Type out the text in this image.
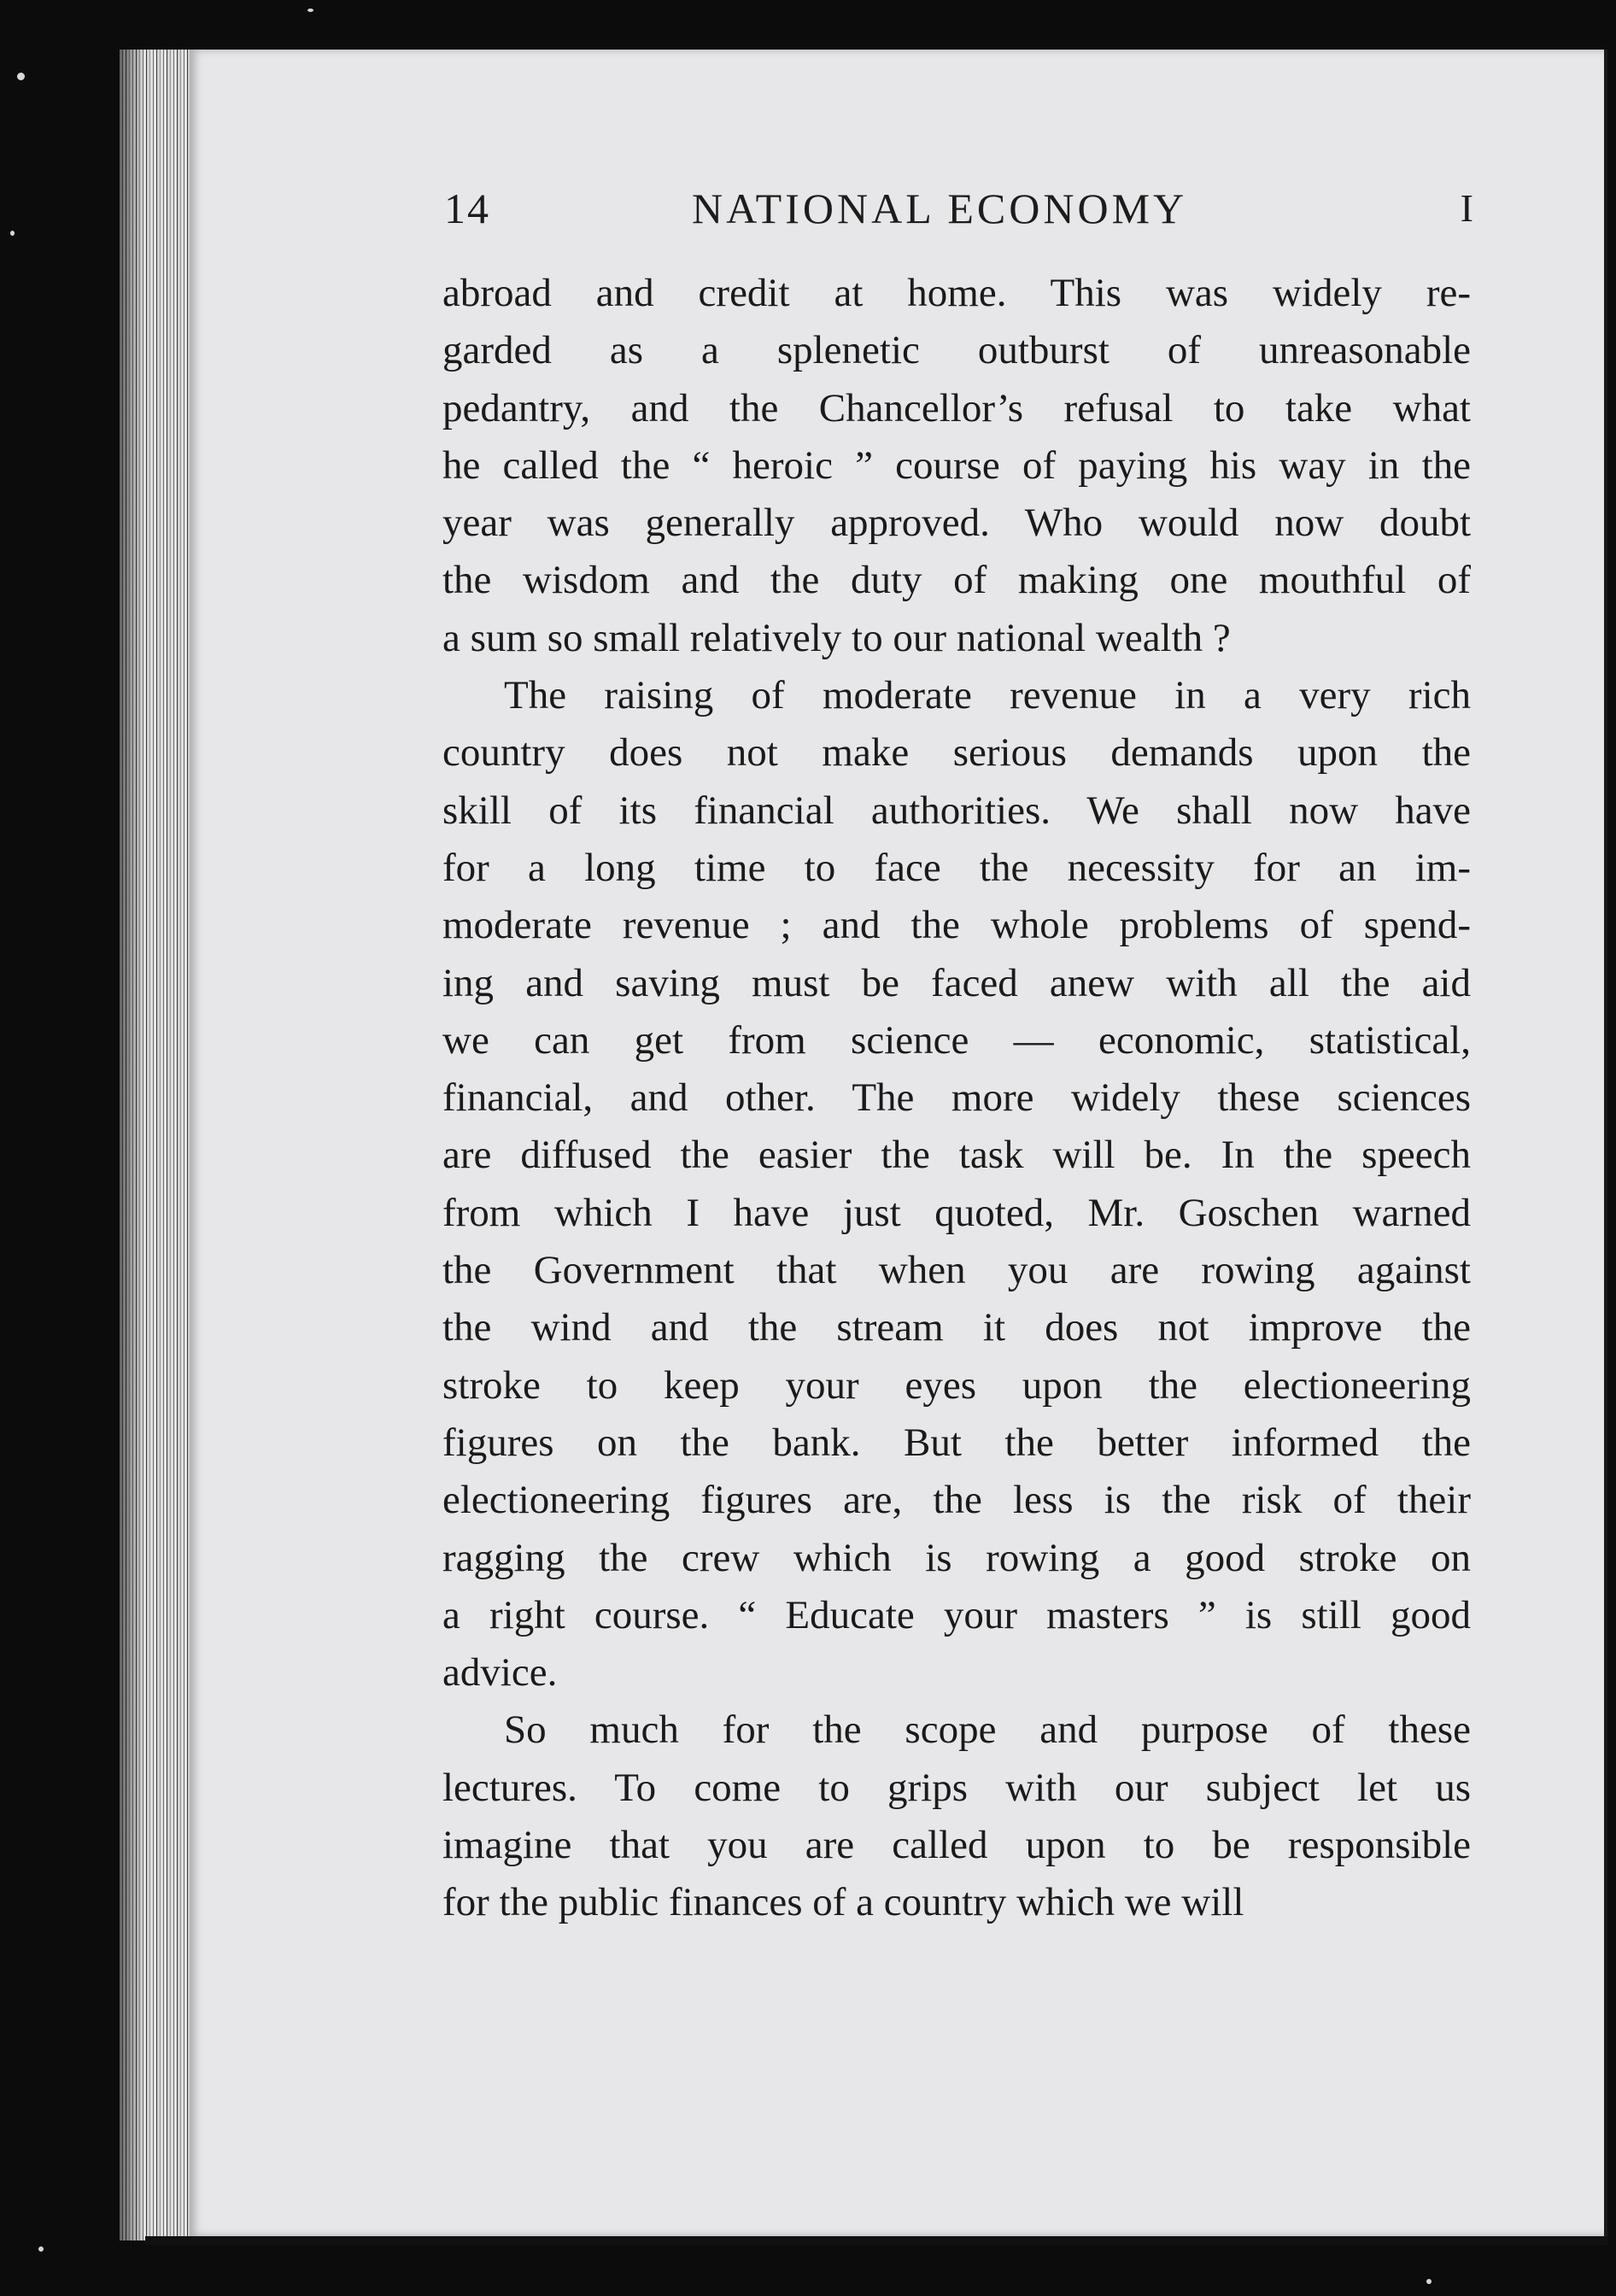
14	NATIONAL ECONOMY	I
abroad and credit at home. This was widely re-
garded as a splenetic outburst of unreasonable
pedantry, and the Chancellor’s refusal to take what
he called the “ heroic ” course of paying his way in the
year was generally approved. Who would now doubt
the wisdom and the duty of making one mouthful of
a sum so small relatively to our national wealth ?
The raising of moderate revenue in a very rich
country does not make serious demands upon the
skill of its financial authorities. We shall now have
for a long time to face the necessity for an im-
moderate revenue ; and the whole problems of spend-
ing and saving must be faced anew with all the aid
we can get from science — economic, statistical,
financial, and other. The more widely these sciences
are diffused the easier the task will be. In the speech
from which I have just quoted, Mr. Goschen warned
the Government that when you are rowing against
the wind and the stream it does not improve the
stroke to keep your eyes upon the electioneering
figures on the bank. But the better informed the
electioneering figures are, the less is the risk of their
ragging the crew which is rowing a good stroke on
a right course. “ Educate your masters ” is still good
advice.
So much for the scope and purpose of these
lectures. To come to grips with our subject let us
imagine that you are called upon to be responsible
for the public finances of a country which we will
